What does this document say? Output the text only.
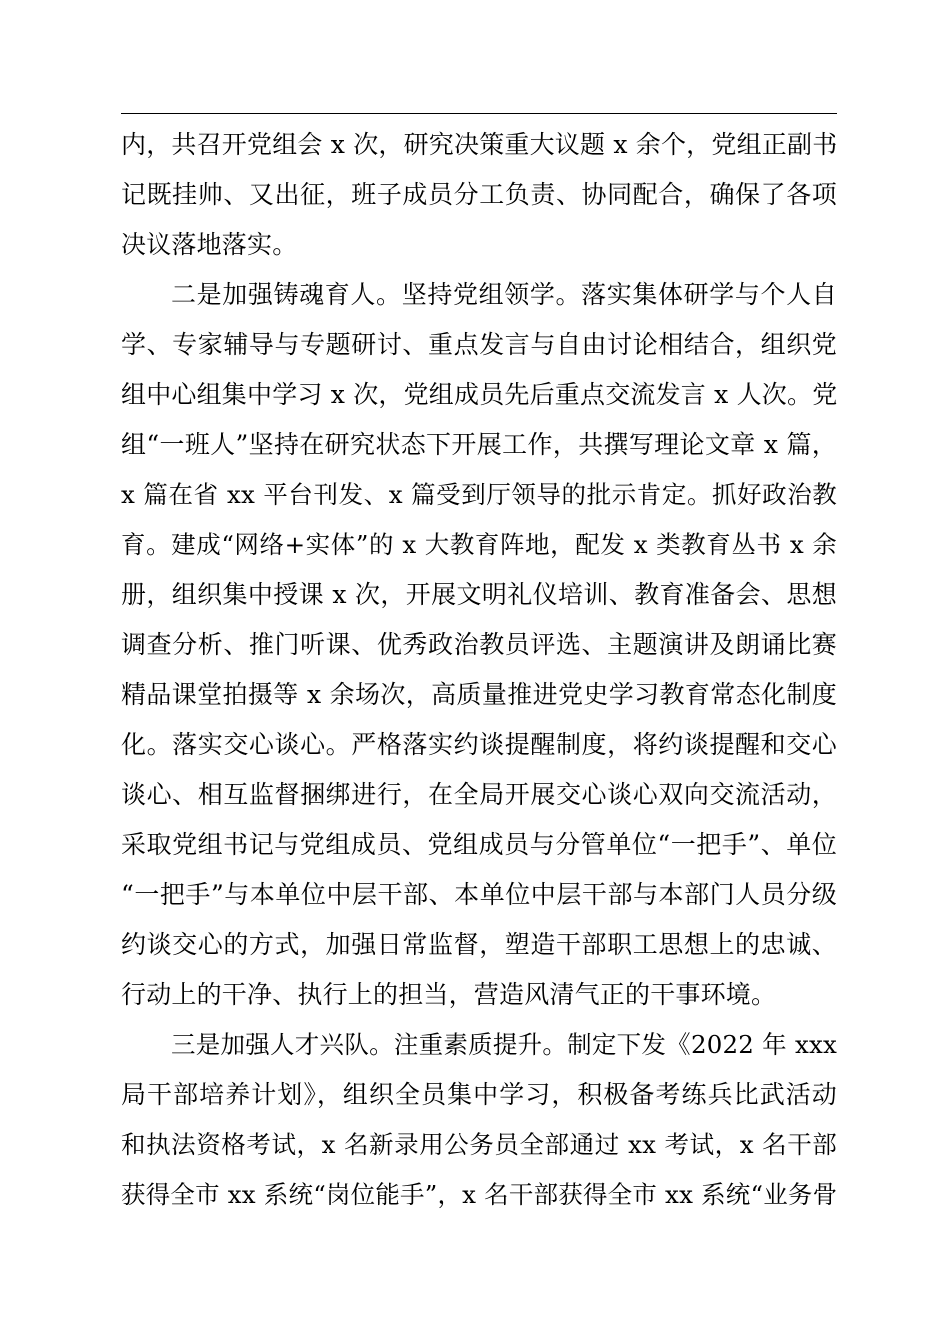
内，共召开党组会 x 次，研究决策重大议题 x 余个，党组正副书
记既挂帅、又出征，班子成员分工负责、协同配合，确保了各项
决议落地落实。
二是加强铸魂育人。坚持党组领学。落实集体研学与个人自
学、专家辅导与专题研讨、重点发言与自由讨论相结合，组织党
组中心组集中学习 x 次，党组成员先后重点交流发言 x 人次。党
组“一班人”坚持在研究状态下开展工作，共撰写理论文章 x 篇，
x 篇在省 xx 平台刊发、x 篇受到厅领导的批示肯定。抓好政治教
育。建成“网络+实体”的 x 大教育阵地，配发 x 类教育丛书 x 余
册，组织集中授课 x 次，开展文明礼仪培训、教育准备会、思想
调查分析、推门听课、优秀政治教员评选、主题演讲及朗诵比赛
精品课堂拍摄等 x 余场次，高质量推进党史学习教育常态化制度
化。落实交心谈心。严格落实约谈提醒制度，将约谈提醒和交心
谈心、相互监督捆绑进行，在全局开展交心谈心双向交流活动，
采取党组书记与党组成员、党组成员与分管单位“一把手”、单位
“一把手”与本单位中层干部、本单位中层干部与本部门人员分级
约谈交心的方式，加强日常监督，塑造干部职工思想上的忠诚、
行动上的干净、执行上的担当，营造风清气正的干事环境。
三是加强人才兴队。注重素质提升。制定下发《2022 年 xxx
局干部培养计划》，组织全员集中学习，积极备考练兵比武活动
和执法资格考试，x 名新录用公务员全部通过 xx 考试，x 名干部
获得全市 xx 系统“岗位能手”，x 名干部获得全市 xx 系统“业务骨
